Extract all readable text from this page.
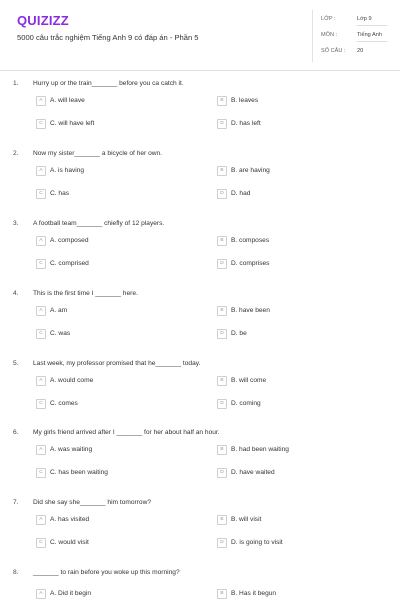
QUIZIZZ
5000 câu trắc nghiệm Tiếng Anh 9 có đáp án - Phần 5
LỚP :	Lớp 9
MÔN :	Tiếng Anh
SỐ CÂU : 20
1. Hurry up or the train_______ before you ca catch it.
A	A. will leave	B	B. leaves
C	C. will have left	D	D. has left
2. Now my sister_______ a bicycle of her own.
A	A. is having	B	B. are having
C	C. has	D	D. had
3. A football team_______ chiefly of 12 players.
A	A. composed	B	B. composes
C	C. comprised	D	D. comprises
4. This is the first time I _______ here.
A	A. am	B	B. have been
C	C. was	D	D. be
5. Last week, my professor promised that he_______ today.
A	A. would come	B	B. will come
C	C. comes	D	D. coming
6. My girls friend arrived after I _______ for her about half an hour.
A	A. was waiting	B	B. had been waiting
C	C. has been waiting	D	D. have waited
7. Did she say she_______ him tomorrow?
A	A. has visited	B	B. will visit
C	C. would visit	D	D. is going to visit
8. _______ to rain before you woke up this morning?
A	A. Did it begin	B	B. Has it begun
